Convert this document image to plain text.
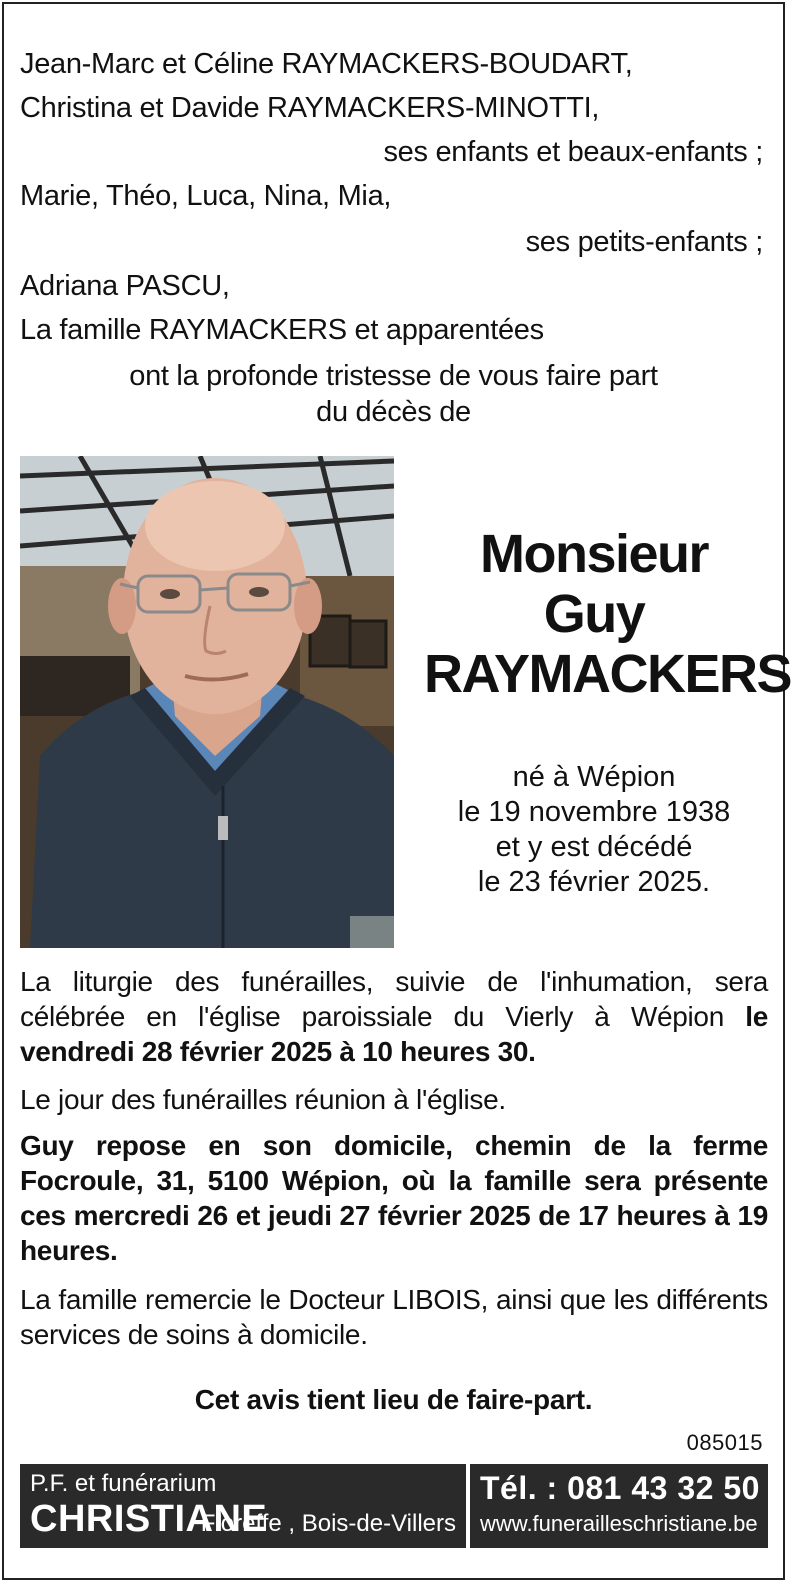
Jean-Marc et Céline RAYMACKERS-BOUDART,
Christina et Davide RAYMACKERS-MINOTTI,
ses enfants et beaux-enfants ;
Marie, Théo, Luca, Nina, Mia,
ses petits-enfants ;
Adriana PASCU,
La famille RAYMACKERS et apparentées
ont la profonde tristesse de vous faire part
du décès de
Monsieur
Guy
RAYMACKERS
né à Wépion
le 19 novembre 1938
et y est décédé
le 23 février 2025.
La liturgie des funérailles, suivie de l'inhumation, sera célébrée en l'église paroissiale du Vierly à Wépion le vendredi 28 février 2025 à 10 heures 30.
Le jour des funérailles réunion à l'église.
Guy repose en son domicile, chemin de la ferme Focroule, 31, 5100 Wépion, où la famille sera présente ces mercredi 26 et jeudi 27 février 2025 de 17 heures à 19 heures.
La famille remercie le Docteur LIBOIS, ainsi que les différents services de soins à domicile.
Cet avis tient lieu de faire-part.
085015
P.F. et funérarium CHRISTIANE
Floreffe , Bois-de-Villers
Tél. : 081 43 32 50
www.funerailleschristiane.be
